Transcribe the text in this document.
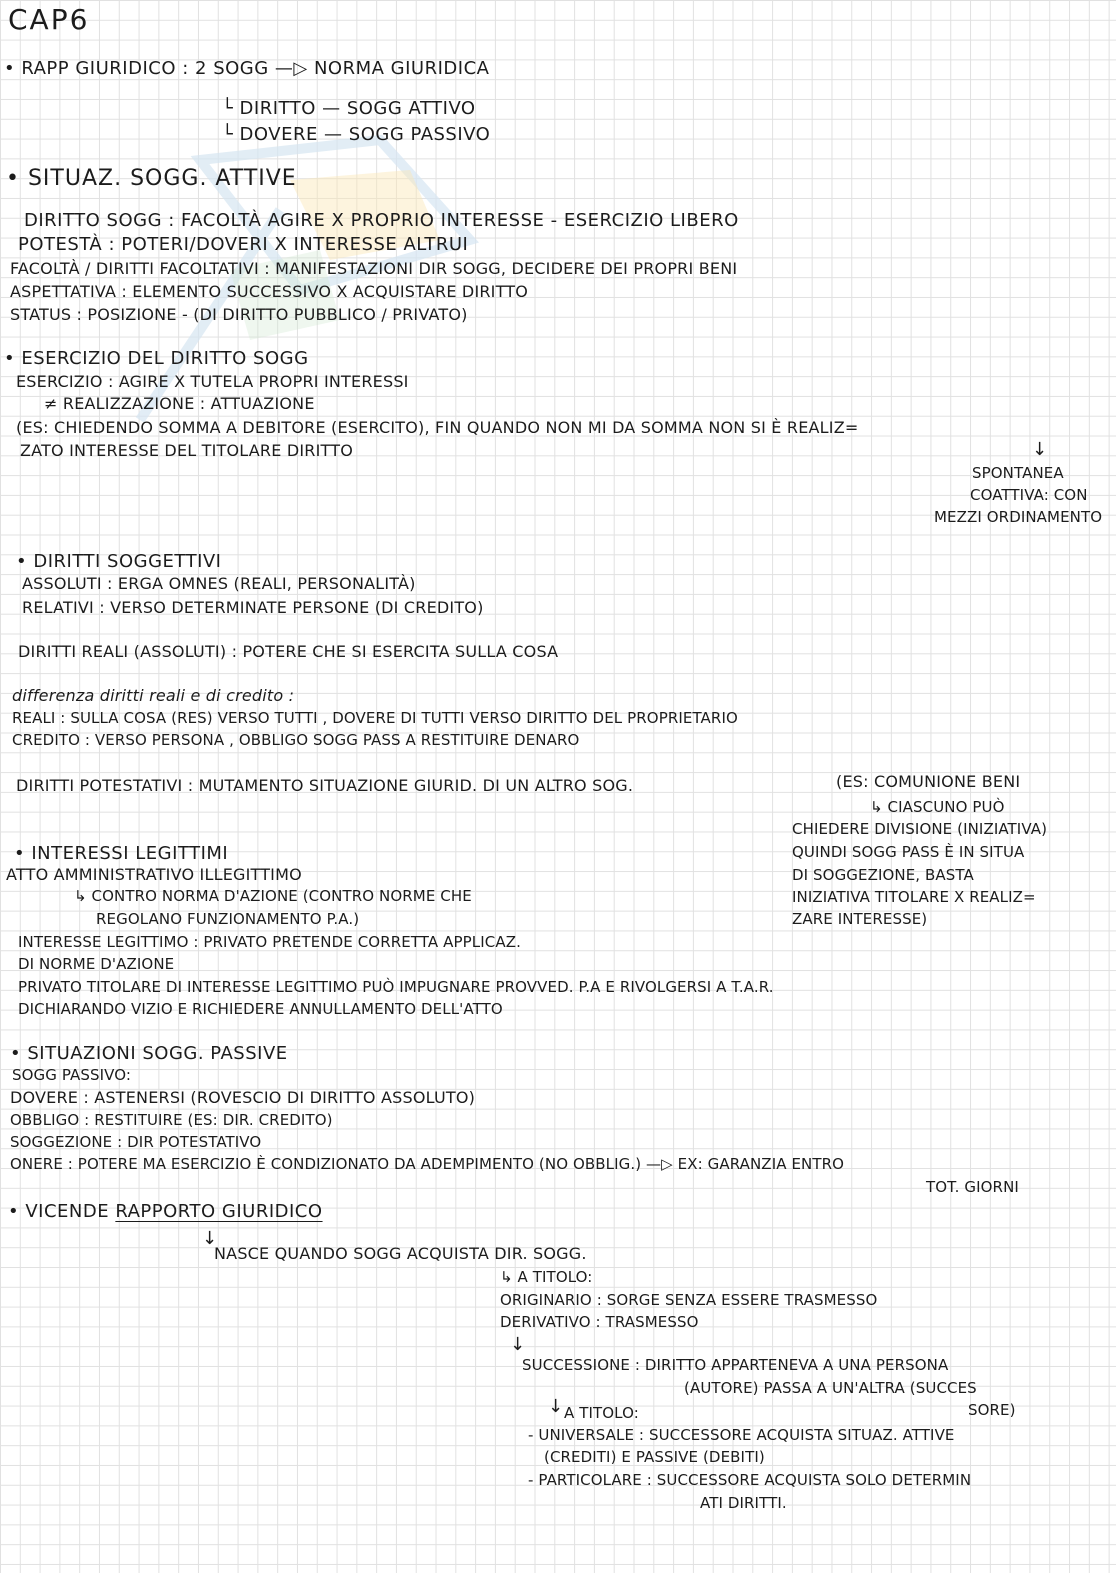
CAP6
• RAPP GIURIDICO : 2 SOGG —▷ NORMA GIURIDICA
└ DIRITTO — SOGG ATTIVO
└ DOVERE — SOGG PASSIVO
• SITUAZ. SOGG. ATTIVE
DIRITTO SOGG : FACOLTÀ AGIRE X PROPRIO INTERESSE - ESERCIZIO LIBERO
POTESTÀ : POTERI/DOVERI X INTERESSE ALTRUI
FACOLTÀ / DIRITTI FACOLTATIVI : MANIFESTAZIONI DIR SOGG, DECIDERE DEI PROPRI BENI
ASPETTATIVA : ELEMENTO SUCCESSIVO X ACQUISTARE DIRITTO
STATUS : POSIZIONE - (DI DIRITTO PUBBLICO / PRIVATO)
• ESERCIZIO DEL DIRITTO SOGG
ESERCIZIO : AGIRE X TUTELA PROPRI INTERESSI
≠ REALIZZAZIONE : ATTUAZIONE
(ES: CHIEDENDO SOMMA A DEBITORE (ESERCITO), FIN QUANDO NON MI DA SOMMA NON SI È REALIZ=
ZATO INTERESSE DEL TITOLARE DIRITTO	↓
SPONTANEA
COATTIVA: CON
MEZZI ORDINAMENTO
• DIRITTI SOGGETTIVI
ASSOLUTI : ERGA OMNES (REALI, PERSONALITÀ)
RELATIVI : VERSO DETERMINATE PERSONE (DI CREDITO)
DIRITTI REALI (ASSOLUTI) : POTERE CHE SI ESERCITA SULLA COSA
differenza diritti reali e di credito :
REALI : SULLA COSA (RES) VERSO TUTTI , DOVERE DI TUTTI VERSO DIRITTO DEL PROPRIETARIO
CREDITO : VERSO PERSONA , OBBLIGO SOGG PASS A RESTITUIRE DENARO
DIRITTI POTESTATIVI : MUTAMENTO SITUAZIONE GIURID. DI UN ALTRO SOG.	(ES: COMUNIONE BENI
↳ CIASCUNO PUÒ
CHIEDERE DIVISIONE (INIZIATIVA)
QUINDI SOGG PASS È IN SITUA
DI SOGGEZIONE, BASTA
INIZIATIVA TITOLARE X REALIZ=
ZARE INTERESSE)
• INTERESSI LEGITTIMI
ATTO AMMINISTRATIVO ILLEGITTIMO
↳ CONTRO NORMA D'AZIONE (CONTRO NORME CHE
REGOLANO FUNZIONAMENTO P.A.)
INTERESSE LEGITTIMO : PRIVATO PRETENDE CORRETTA APPLICAZ.
DI NORME D'AZIONE
PRIVATO TITOLARE DI INTERESSE LEGITTIMO PUÒ IMPUGNARE PROVVED. P.A E RIVOLGERSI A T.A.R.
DICHIARANDO VIZIO E RICHIEDERE ANNULLAMENTO DELL'ATTO
• SITUAZIONI SOGG. PASSIVE
SOGG PASSIVO:
DOVERE : ASTENERSI (ROVESCIO DI DIRITTO ASSOLUTO)
OBBLIGO : RESTITUIRE (ES: DIR. CREDITO)
SOGGEZIONE : DIR POTESTATIVO
ONERE : POTERE MA ESERCIZIO È CONDIZIONATO DA ADEMPIMENTO (NO OBBLIG.) —▷ EX: GARANZIA ENTRO
TOT. GIORNI
• VICENDE RAPPORTO GIURIDICO
↓
NASCE QUANDO SOGG ACQUISTA DIR. SOGG.
↳ A TITOLO:
ORIGINARIO : SORGE SENZA ESSERE TRASMESSO
DERIVATIVO : TRASMESSO
↓
SUCCESSIONE : DIRITTO APPARTENEVA A UNA PERSONA
(AUTORE) PASSA A UN'ALTRA (SUCCES
SORE)
↓ A TITOLO:
- UNIVERSALE : SUCCESSORE ACQUISTA SITUAZ. ATTIVE
(CREDITI) E PASSIVE (DEBITI)
- PARTICOLARE : SUCCESSORE ACQUISTA SOLO DETERMIN
ATI DIRITTI.
